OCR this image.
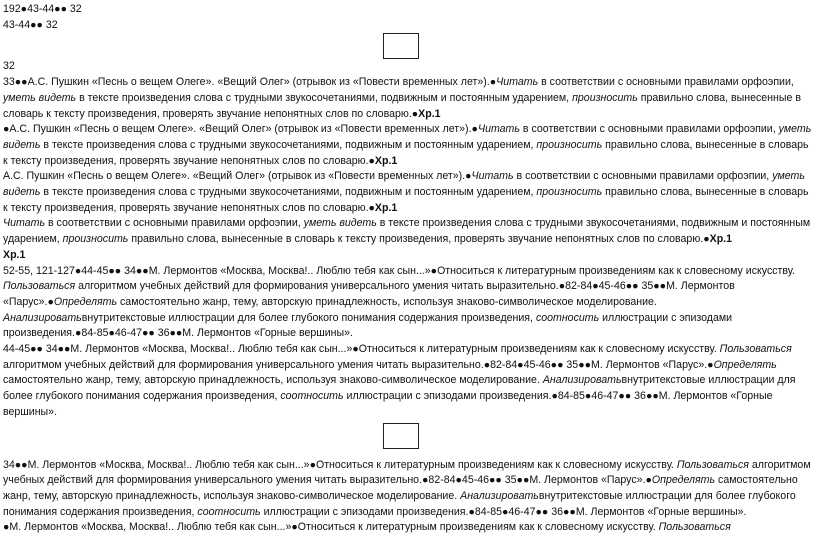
192●43-44●● 32
43-44●● 32
32

33●●А.С. Пушкин «Песнь о вещем Олеге». «Вещий Олег» (отрывок из «Повести временных лет»).●Читать в соответствии с основными правилами орфоэпии, уметь видеть в тексте произведения слова с трудными звукосочетаниями, подвижным и постоянным ударением, произносить правильно слова, вынесенные в словарь к тексту произведения, проверять звучание непонятных слов по словарю.●Хр.1

●А.С. Пушкин «Песнь о вещем Олеге». «Вещий Олег» (отрывок из «Повести временных лет»).●Читать в соответствии с основными правилами орфоэпии, уметь видеть в тексте произведения слова с трудными звукосочетаниями, подвижным и постоянным ударением, произносить правильно слова, вынесенные в словарь к тексту произведения, проверять звучание непонятных слов по словарю.●Хр.1

А.С. Пушкин «Песнь о вещем Олеге». «Вещий Олег» (отрывок из «Повести временных лет»).●Читать в соответствии с основными правилами орфоэпии, уметь видеть в тексте произведения слова с трудными звукосочетаниями, подвижным и постоянным ударением, произносить правильно слова, вынесенные в словарь к тексту произведения, проверять звучание непонятных слов по словарю.●Хр.1

Читать в соответствии с основными правилами орфоэпии, уметь видеть в тексте произведения слова с трудными звукосочетаниями, подвижным и постоянным ударением, произносить правильно слова, вынесенные в словарь к тексту произведения, проверять звучание непонятных слов по словарю.●Хр.1

Хр.1

52-55, 121-127●44-45●● 34●●М. Лермонтов «Москва, Москва!.. Люблю тебя как сын...»●Относиться к литературным произведениям как к словесному искусству. Пользоваться алгоритмом учебных действий для формирования универсального умения читать выразительно.●82-84●45-46●● 35●●М. Лермонтов «Парус».●Определять самостоятельно жанр, тему, авторскую принадлежность, используя знаково-символическое моделирование. Анализироватьвнутритекстовые иллюстрации для более глубокого понимания содержания произведения, соотносить иллюстрации с эпизодами произведения.●84-85●46-47●● 36●●М. Лермонтов «Горные вершины».

44-45●● 34●●М. Лермонтов «Москва, Москва!.. Люблю тебя как сын...»●Относиться к литературным произведениям как к словесному искусству. Пользоваться алгоритмом учебных действий для формирования универсального умения читать выразительно.●82-84●45-46●● 35●●М. Лермонтов «Парус».●Определять самостоятельно жанр, тему, авторскую принадлежность, используя знаково-символическое моделирование. Анализироватьвнутритекстовые иллюстрации для более глубокого понимания содержания произведения, соотносить иллюстрации с эпизодами произведения.●84-85●46-47●● 36●●М. Лермонтов «Горные вершины».

34●●М. Лермонтов «Москва, Москва!.. Люблю тебя как сын...»●Относиться к литературным произведениям как к словесному искусству. Пользоваться алгоритмом учебных действий для формирования универсального умения читать выразительно.●82-84●45-46●● 35●●М. Лермонтов «Парус».●Определять самостоятельно жанр, тему, авторскую принадлежность, используя знаково-символическое моделирование. Анализироватьвнутритекстовые иллюстрации для более глубокого понимания содержания произведения, соотносить иллюстрации с эпизодами произведения.●84-85●46-47●● 36●●М. Лермонтов «Горные вершины».

●М. Лермонтов «Москва, Москва!.. Люблю тебя как сын...»●Относиться к литературным произведениям как к словесному искусству. Пользоваться
